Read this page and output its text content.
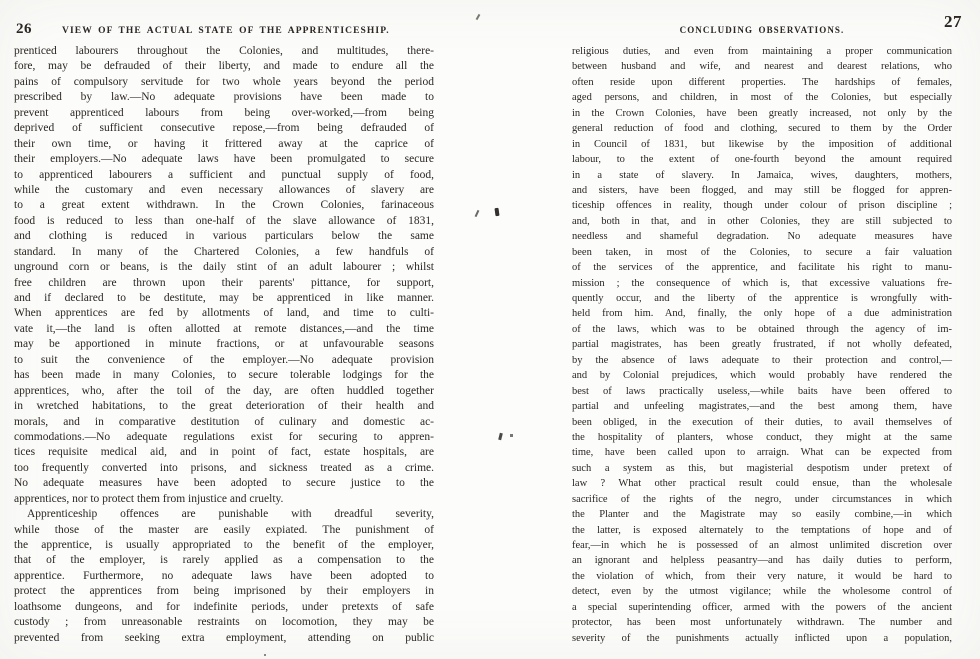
26	VIEW OF THE ACTUAL STATE OF THE APPRENTICESHIP.
prenticed labourers throughout the Colonies, and multitudes, there-
fore, may be defrauded of their liberty, and made to endure all the
pains of compulsory servitude for two whole years beyond the period
prescribed by law.—No adequate provisions have been made to
prevent apprenticed labours from being over-worked,—from being
deprived of sufficient consecutive repose,—from being defrauded of
their own time, or having it frittered away at the caprice of
their employers.—No adequate laws have been promulgated to secure
to apprenticed labourers a sufficient and punctual supply of food,
while the customary and even necessary allowances of slavery are
to a great extent withdrawn. In the Crown Colonies, farinaceous
food is reduced to less than one-half of the slave allowance of 1831,
and clothing is reduced in various particulars below the same
standard. In many of the Chartered Colonies, a few handfuls of
unground corn or beans, is the daily stint of an adult labourer ; whilst
free children are thrown upon their parents' pittance, for support,
and if declared to be destitute, may be apprenticed in like manner.
When apprentices are fed by allotments of land, and time to culti-
vate it,—the land is often allotted at remote distances,—and the time
may be apportioned in minute fractions, or at unfavourable seasons
to suit the convenience of the employer.—No adequate provision
has been made in many Colonies, to secure tolerable lodgings for the
apprentices, who, after the toil of the day, are often huddled together
in wretched habitations, to the great deterioration of their health and
morals, and in comparative destitution of culinary and domestic ac-
commodations.—No adequate regulations exist for securing to appren-
tices requisite medical aid, and in point of fact, estate hospitals, are
too frequently converted into prisons, and sickness treated as a crime.
No adequate measures have been adopted to secure justice to the
apprentices, nor to protect them from injustice and cruelty.
Apprenticeship offences are punishable with dreadful severity,
while those of the master are easily expiated. The punishment of
the apprentice, is usually appropriated to the benefit of the employer,
that of the employer, is rarely applied as a compensation to the
apprentice. Furthermore, no adequate laws have been adopted to
protect the apprentices from being imprisoned by their employers in
loathsome dungeons, and for indefinite periods, under pretexts of safe
custody ; from unreasonable restraints on locomotion, they may be
prevented from seeking extra employment, attending on public
CONCLUDING OBSERVATIONS.	27
religious duties, and even from maintaining a proper communication
between husband and wife, and nearest and dearest relations, who
often reside upon different properties. The hardships of females,
aged persons, and children, in most of the Colonies, but especially
in the Crown Colonies, have been greatly increased, not only by the
general reduction of food and clothing, secured to them by the Order
in Council of 1831, but likewise by the imposition of additional
labour, to the extent of one-fourth beyond the amount required
in a state of slavery. In Jamaica, wives, daughters, mothers,
and sisters, have been flogged, and may still be flogged for appren-
ticeship offences in reality, though under colour of prison discipline ;
and, both in that, and in other Colonies, they are still subjected to
needless and shameful degradation. No adequate measures have
been taken, in most of the Colonies, to secure a fair valuation
of the services of the apprentice, and facilitate his right to manu-
mission ; the consequence of which is, that excessive valuations fre-
quently occur, and the liberty of the apprentice is wrongfully with-
held from him. And, finally, the only hope of a due administration
of the laws, which was to be obtained through the agency of im-
partial magistrates, has been greatly frustrated, if not wholly defeated,
by the absence of laws adequate to their protection and control,—
and by Colonial prejudices, which would probably have rendered the
best of laws practically useless,—while baits have been offered to
partial and unfeeling magistrates,—and the best among them, have
been obliged, in the execution of their duties, to avail themselves of
the hospitality of planters, whose conduct, they might at the same
time, have been called upon to arraign. What can be expected from
such a system as this, but magisterial despotism under pretext of
law ? What other practical result could ensue, than the wholesale
sacrifice of the rights of the negro, under circumstances in which
the Planter and the Magistrate may so easily combine,—in which
the latter, is exposed alternately to the temptations of hope and of
fear,—in which he is possessed of an almost unlimited discretion over
an ignorant and helpless peasantry—and has daily duties to perform,
the violation of which, from their very nature, it would be hard to
detect, even by the utmost vigilance; while the wholesome control of
a special superintending officer, armed with the powers of the ancient
protector, has been most unfortunately withdrawn. The number and
severity of the punishments actually inflicted upon a population,
